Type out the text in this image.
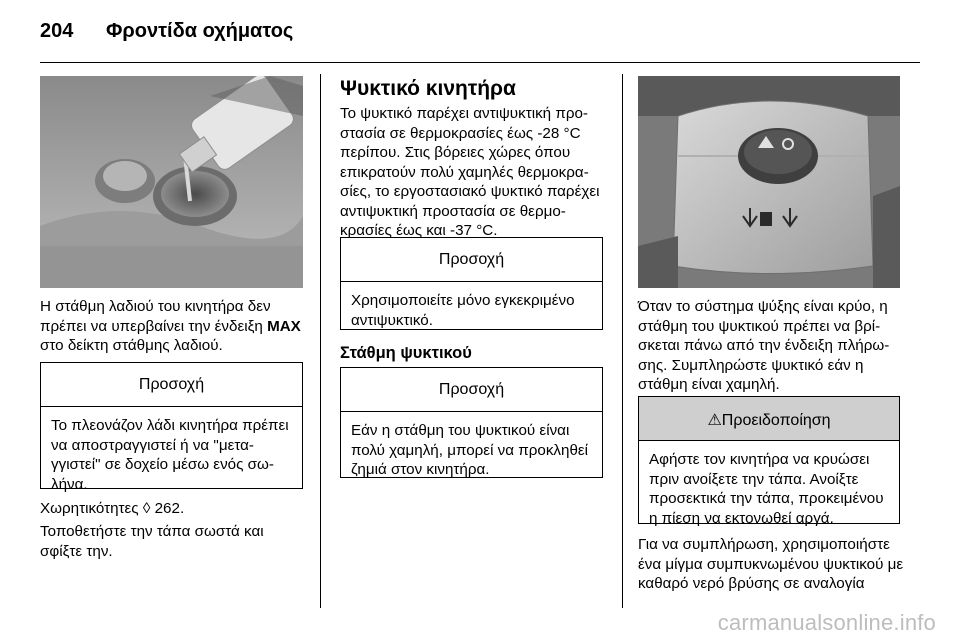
204 Φροντίδα οχήματος
Η στάθμη λαδιού του κινητήρα δεν πρέπει να υπερβαίνει την ένδειξη MAX στο δείκτη στάθμης λαδιού.
Προσοχή
Το πλεονάζον λάδι κινητήρα πρέπει να αποστραγγιστεί ή να "μεταγγιστεί" σε δοχείο μέσω ενός σωλήνα.
Χωρητικότητες ◊ 262.
Τοποθετήστε την τάπα σωστά και σφίξτε την.
Ψυκτικό κινητήρα
Το ψυκτικό παρέχει αντιψυκτική προστασία σε θερμοκρασίες έως -28 °C περίπου. Στις βόρειες χώρες όπου επικρατούν πολύ χαμηλές θερμοκρασίες, το εργοστασιακό ψυκτικό παρέχει αντιψυκτική προστασία σε θερμοκρασίες έως και -37 °C.
Προσοχή
Χρησιμοποιείτε μόνο εγκεκριμένο αντιψυκτικό.
Στάθμη ψυκτικού
Προσοχή
Εάν η στάθμη του ψυκτικού είναι πολύ χαμηλή, μπορεί να προκληθεί ζημιά στον κινητήρα.
Όταν το σύστημα ψύξης είναι κρύο, η στάθμη του ψυκτικού πρέπει να βρίσκεται πάνω από την ένδειξη πλήρωσης. Συμπληρώστε ψυκτικό εάν η στάθμη είναι χαμηλή.
⚠Προειδοποίηση
Αφήστε τον κινητήρα να κρυώσει πριν ανοίξετε την τάπα. Ανοίξτε προσεκτικά την τάπα, προκειμένου η πίεση να εκτονωθεί αργά.
Για να συμπλήρωση, χρησιμοποιήστε ένα μίγμα συμπυκνωμένου ψυκτικού με καθαρό νερό βρύσης σε αναλογία
carmanualsonline.info
